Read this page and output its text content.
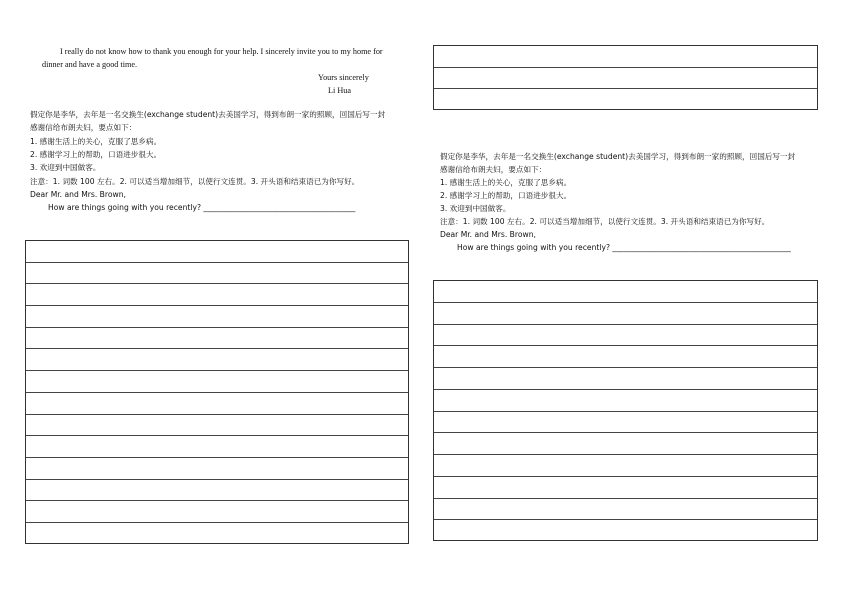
I really do not know how to thank you enough for your help. I sincerely invite you to my home for
dinner and have a good time.
Yours sincerely
Li Hua
假定你是李华，去年是一名交换生(exchange student)去美国学习，得到布朗一家的照顾，回国后写一封
感谢信给布朗夫妇，要点如下：
1. 感谢生活上的关心，克服了思乡病。
2. 感谢学习上的帮助，口语进步很大。
3. 欢迎到中国做客。
注意：1. 词数 100 左右。2. 可以适当增加细节，以使行文连贯。3. 开头语和结束语已为你写好。
Dear Mr. and Mrs. Brown,
How are things going with you recently? ________________________________________
假定你是李华，去年是一名交换生(exchange student)去美国学习，得到布朗一家的照顾，回国后写一封
感谢信给布朗夫妇，要点如下：
1. 感谢生活上的关心，克服了思乡病。
2. 感谢学习上的帮助，口语进步很大。
3. 欢迎到中国做客。
注意：1. 词数 100 左右。2. 可以适当增加细节，以使行文连贯。3. 开头语和结束语已为你写好。
Dear Mr. and Mrs. Brown,
How are things going with you recently? _______________________________________________
